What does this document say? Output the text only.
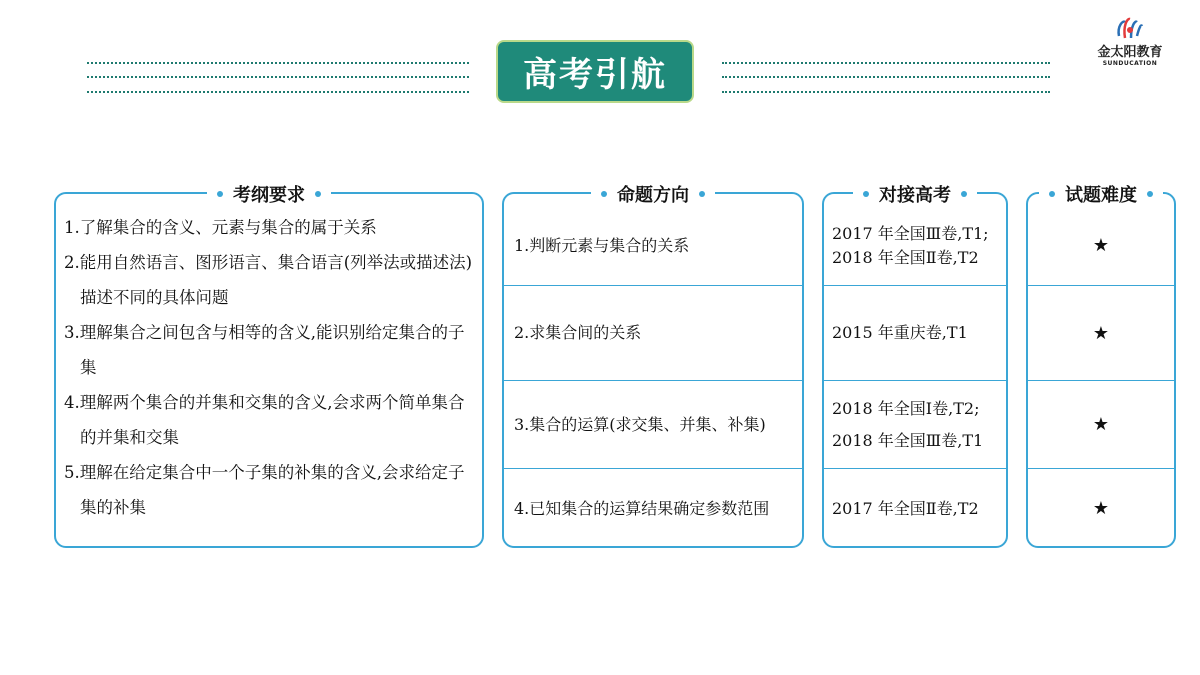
高考引航
金太阳教育
SUNDUCATION
考纲要求
1.了解集合的含义、元素与集合的属于关系
2.能用自然语言、图形语言、集合语言(列举法或描述法)描述不同的具体问题
3.理解集合之间包含与相等的含义,能识别给定集合的子集
4.理解两个集合的并集和交集的含义,会求两个简单集合的并集和交集
5.理解在给定集合中一个子集的补集的含义,会求给定子集的补集
命题方向
1.判断元素与集合的关系
2.求集合间的关系
3.集合的运算(求交集、并集、补集)
4.已知集合的运算结果确定参数范围
对接高考
2017 年全国Ⅲ卷,T1;
2018 年全国Ⅱ卷,T2
2015 年重庆卷,T1
2018 年全国Ⅰ卷,T2;
2018 年全国Ⅲ卷,T1
2017 年全国Ⅱ卷,T2
试题难度
★
★
★
★
